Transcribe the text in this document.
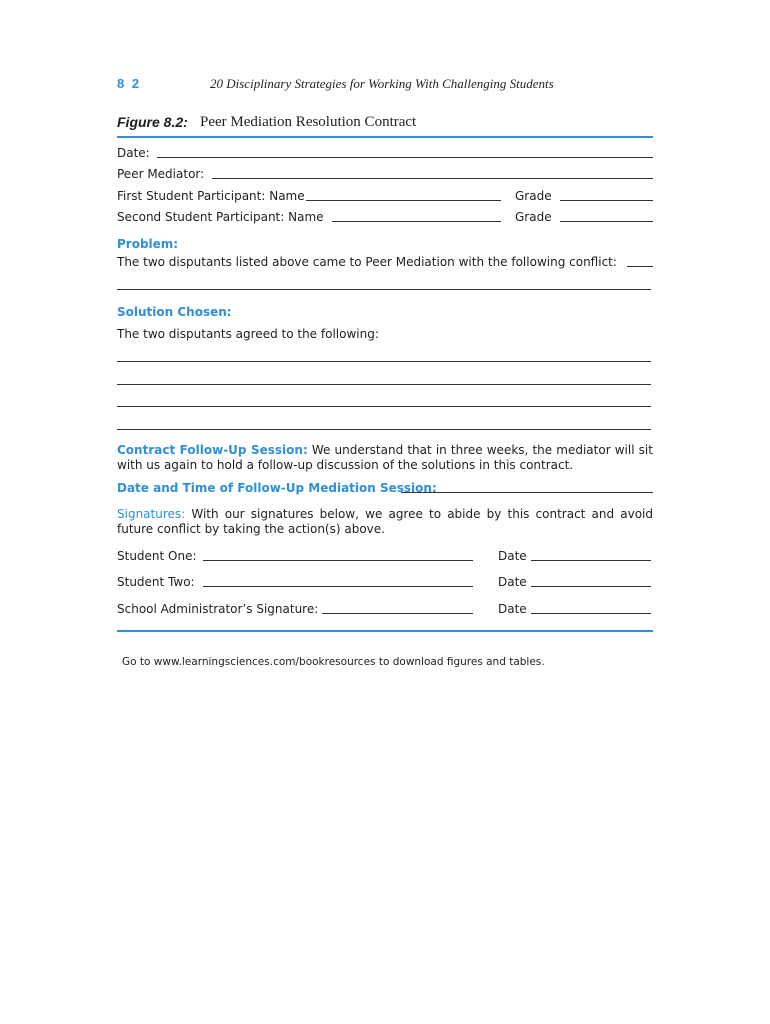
8 2	20 Disciplinary Strategies for Working With Challenging Students
Figure 8.2: Peer Mediation Resolution Contract
Date:
Peer Mediator:
First Student Participant: Name	Grade
Second Student Participant: Name	Grade
Problem:
The two disputants listed above came to Peer Mediation with the following conflict:
Solution Chosen:
The two disputants agreed to the following:
Contract Follow-Up Session: We understand that in three weeks, the mediator will sit with us again to hold a follow-up discussion of the solutions in this contract.
Date and Time of Follow-Up Mediation Session:
Signatures: With our signatures below, we agree to abide by this contract and avoid future conflict by taking the action(s) above.
Student One:	Date
Student Two:	Date
School Administrator’s Signature:	Date
Go to www.learningsciences.com/bookresources to download figures and tables.
